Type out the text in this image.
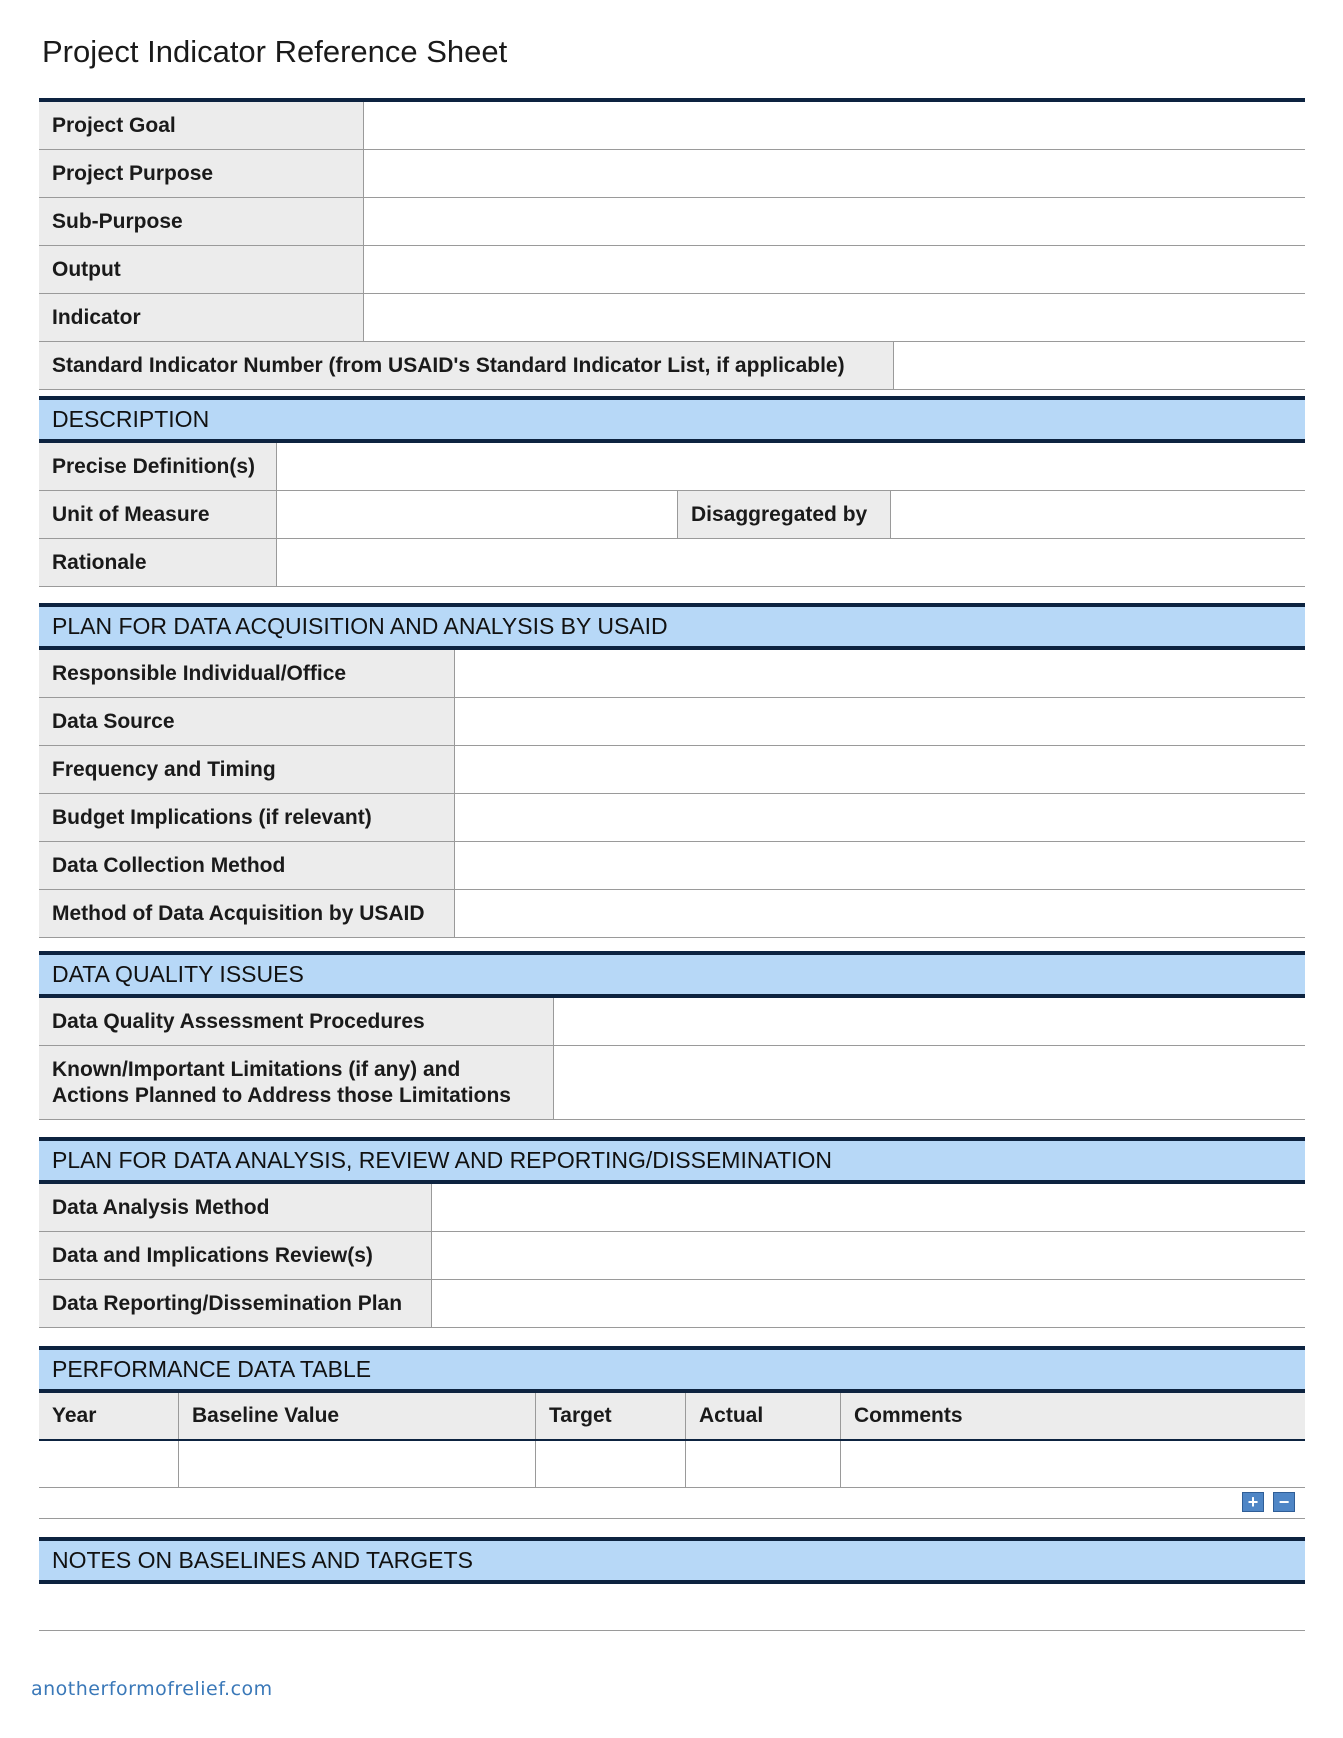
Project Indicator Reference Sheet
Project Goal
Project Purpose
Sub-Purpose
Output
Indicator
Standard Indicator Number (from USAID's Standard Indicator List, if applicable)
DESCRIPTION
Precise Definition(s)
Unit of Measure	Disaggregated by
Rationale
PLAN FOR DATA ACQUISITION AND ANALYSIS BY USAID
Responsible Individual/Office
Data Source
Frequency and Timing
Budget Implications (if relevant)
Data Collection Method
Method of Data Acquisition by USAID
DATA QUALITY ISSUES
Data Quality Assessment Procedures
Known/Important Limitations (if any) and
Actions Planned to Address those Limitations
PLAN FOR DATA ANALYSIS, REVIEW AND REPORTING/DISSEMINATION
Data Analysis Method
Data and Implications Review(s)
Data Reporting/Dissemination Plan
PERFORMANCE DATA TABLE
Year	Baseline Value	Target	Actual	Comments
+	−
NOTES ON BASELINES AND TARGETS
anotherformofrelief.com
